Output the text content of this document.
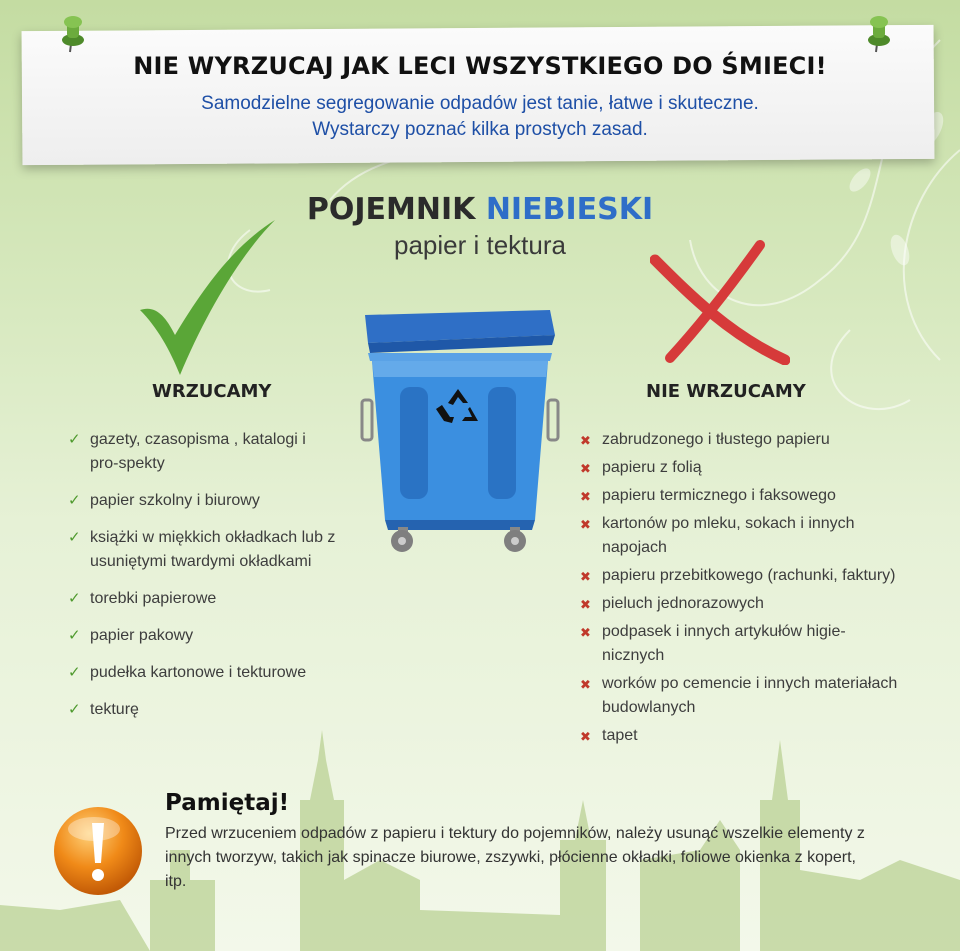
NIE WYRZUCAJ JAK LECI WSZYSTKIEGO DO ŚMIECI!
Samodzielne segregowanie odpadów jest tanie, łatwe i skuteczne.
Wystarczy poznać kilka prostych zasad.
POJEMNIK NIEBIESKI
papier i tektura
WRZUCAMY
✓ gazety, czasopisma , katalogi i pro-spekty
✓ papier szkolny i biurowy
✓ książki w miękkich okładkach lub z usuniętymi twardymi okładkami
✓ torebki papierowe
✓ papier pakowy
✓ pudełka kartonowe i tekturowe
✓ tekturę
NIE WRZUCAMY
✖ zabrudzonego i tłustego papieru
✖ papieru z folią
✖ papieru termicznego i faksowego
✖ kartonów po mleku, sokach i innych napojach
✖ papieru przebitkowego (rachunki, faktury)
✖ pieluch jednorazowych
✖ podpasek i innych artykułów higie-nicznych
✖ worków po cemencie i innych materiałach budowlanych
✖ tapet
Pamiętaj!
Przed wrzuceniem odpadów z papieru i tektury do pojemników, należy usunąć wszelkie elementy z innych tworzyw, takich jak spinacze biurowe, zszywki, płócienne okładki, foliowe okienka z kopert, itp.
